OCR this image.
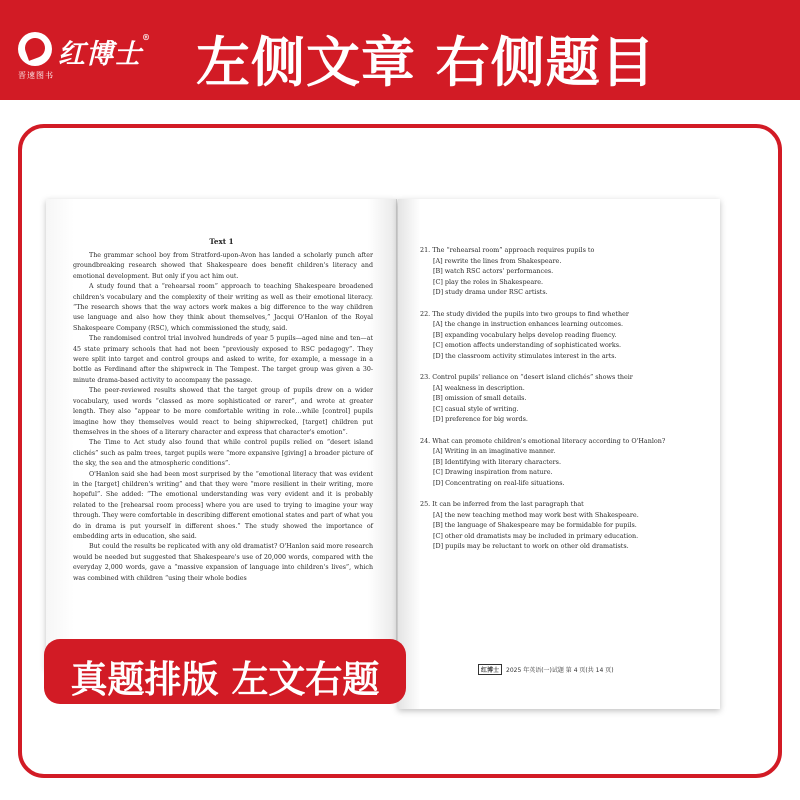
红博士®
晋速图书	左侧文章 右侧题目
Text 1

The grammar school boy from Stratford-upon-Avon has landed a scholarly punch after groundbreaking research showed that Shakespeare does benefit children's literacy and emotional development. But only if you act him out.

A study found that a “rehearsal room” approach to teaching Shakespeare broadened children's vocabulary and the complexity of their writing as well as their emotional literacy. “The research shows that the way actors work makes a big difference to the way children use language and also how they think about themselves,” Jacqui O'Hanlon of the Royal Shakespeare Company (RSC), which commissioned the study, said.

The randomised control trial involved hundreds of year 5 pupils—aged nine and ten—at 45 state primary schools that had not been “previously exposed to RSC pedagogy”. They were split into target and control groups and asked to write, for example, a message in a bottle as Ferdinand after the shipwreck in The Tempest. The target group was given a 30-minute drama-based activity to accompany the passage.

The peer-reviewed results showed that the target group of pupils drew on a wider vocabulary, used words “classed as more sophisticated or rarer”, and wrote at greater length. They also “appear to be more comfortable writing in role…while [control] pupils imagine how they themselves would react to being shipwrecked, [target] children put themselves in the shoes of a literary character and express that character's emotion”.

The Time to Act study also found that while control pupils relied on “desert island clichés” such as palm trees, target pupils were “more expansive [giving] a broader picture of the sky, the sea and the atmospheric conditions”.

O'Hanlon said she had been most surprised by the “emotional literacy that was evident in the [target] children's writing” and that they were “more resilient in their writing, more hopeful”. She added: “The emotional understanding was very evident and it is probably related to the [rehearsal room process] where you are used to trying to imagine your way through. They were comfortable in describing different emotional states and part of what you do in drama is put yourself in different shoes.” The study showed the importance of embedding arts in education, she said.

But could the results be replicated with any old dramatist? O'Hanlon said more research would be needed but suggested that Shakespeare's use of 20,000 words, compared with the everyday 2,000 words, gave a “massive expansion of language into children's lives”, which was combined with children “using their whole bodies

21. The “rehearsal room” approach requires pupils to
[A] rewrite the lines from Shakespeare.
[B] watch RSC actors' performances.
[C] play the roles in Shakespeare.
[D] study drama under RSC artists.
22. The study divided the pupils into two groups to find whether
[A] the change in instruction enhances learning outcomes.
[B] expanding vocabulary helps develop reading fluency.
[C] emotion affects understanding of sophisticated works.
[D] the classroom activity stimulates interest in the arts.
23. Control pupils' reliance on “desert island clichés” shows their
[A] weakness in description.
[B] omission of small details.
[C] casual style of writing.
[D] preference for big words.
24. What can promote children's emotional literacy according to O'Hanlon?
[A] Writing in an imaginative manner.
[B] Identifying with literary characters.
[C] Drawing inspiration from nature.
[D] Concentrating on real-life situations.
25. It can be inferred from the last paragraph that
[A] the new teaching method may work best with Shakespeare.
[B] the language of Shakespeare may be formidable for pupils.
[C] other old dramatists may be included in primary education.
[D] pupils may be reluctant to work on other old dramatists.
红博士 2025 年英语(一)试题 第 4 页(共 14 页)
真题排版 左文右题
